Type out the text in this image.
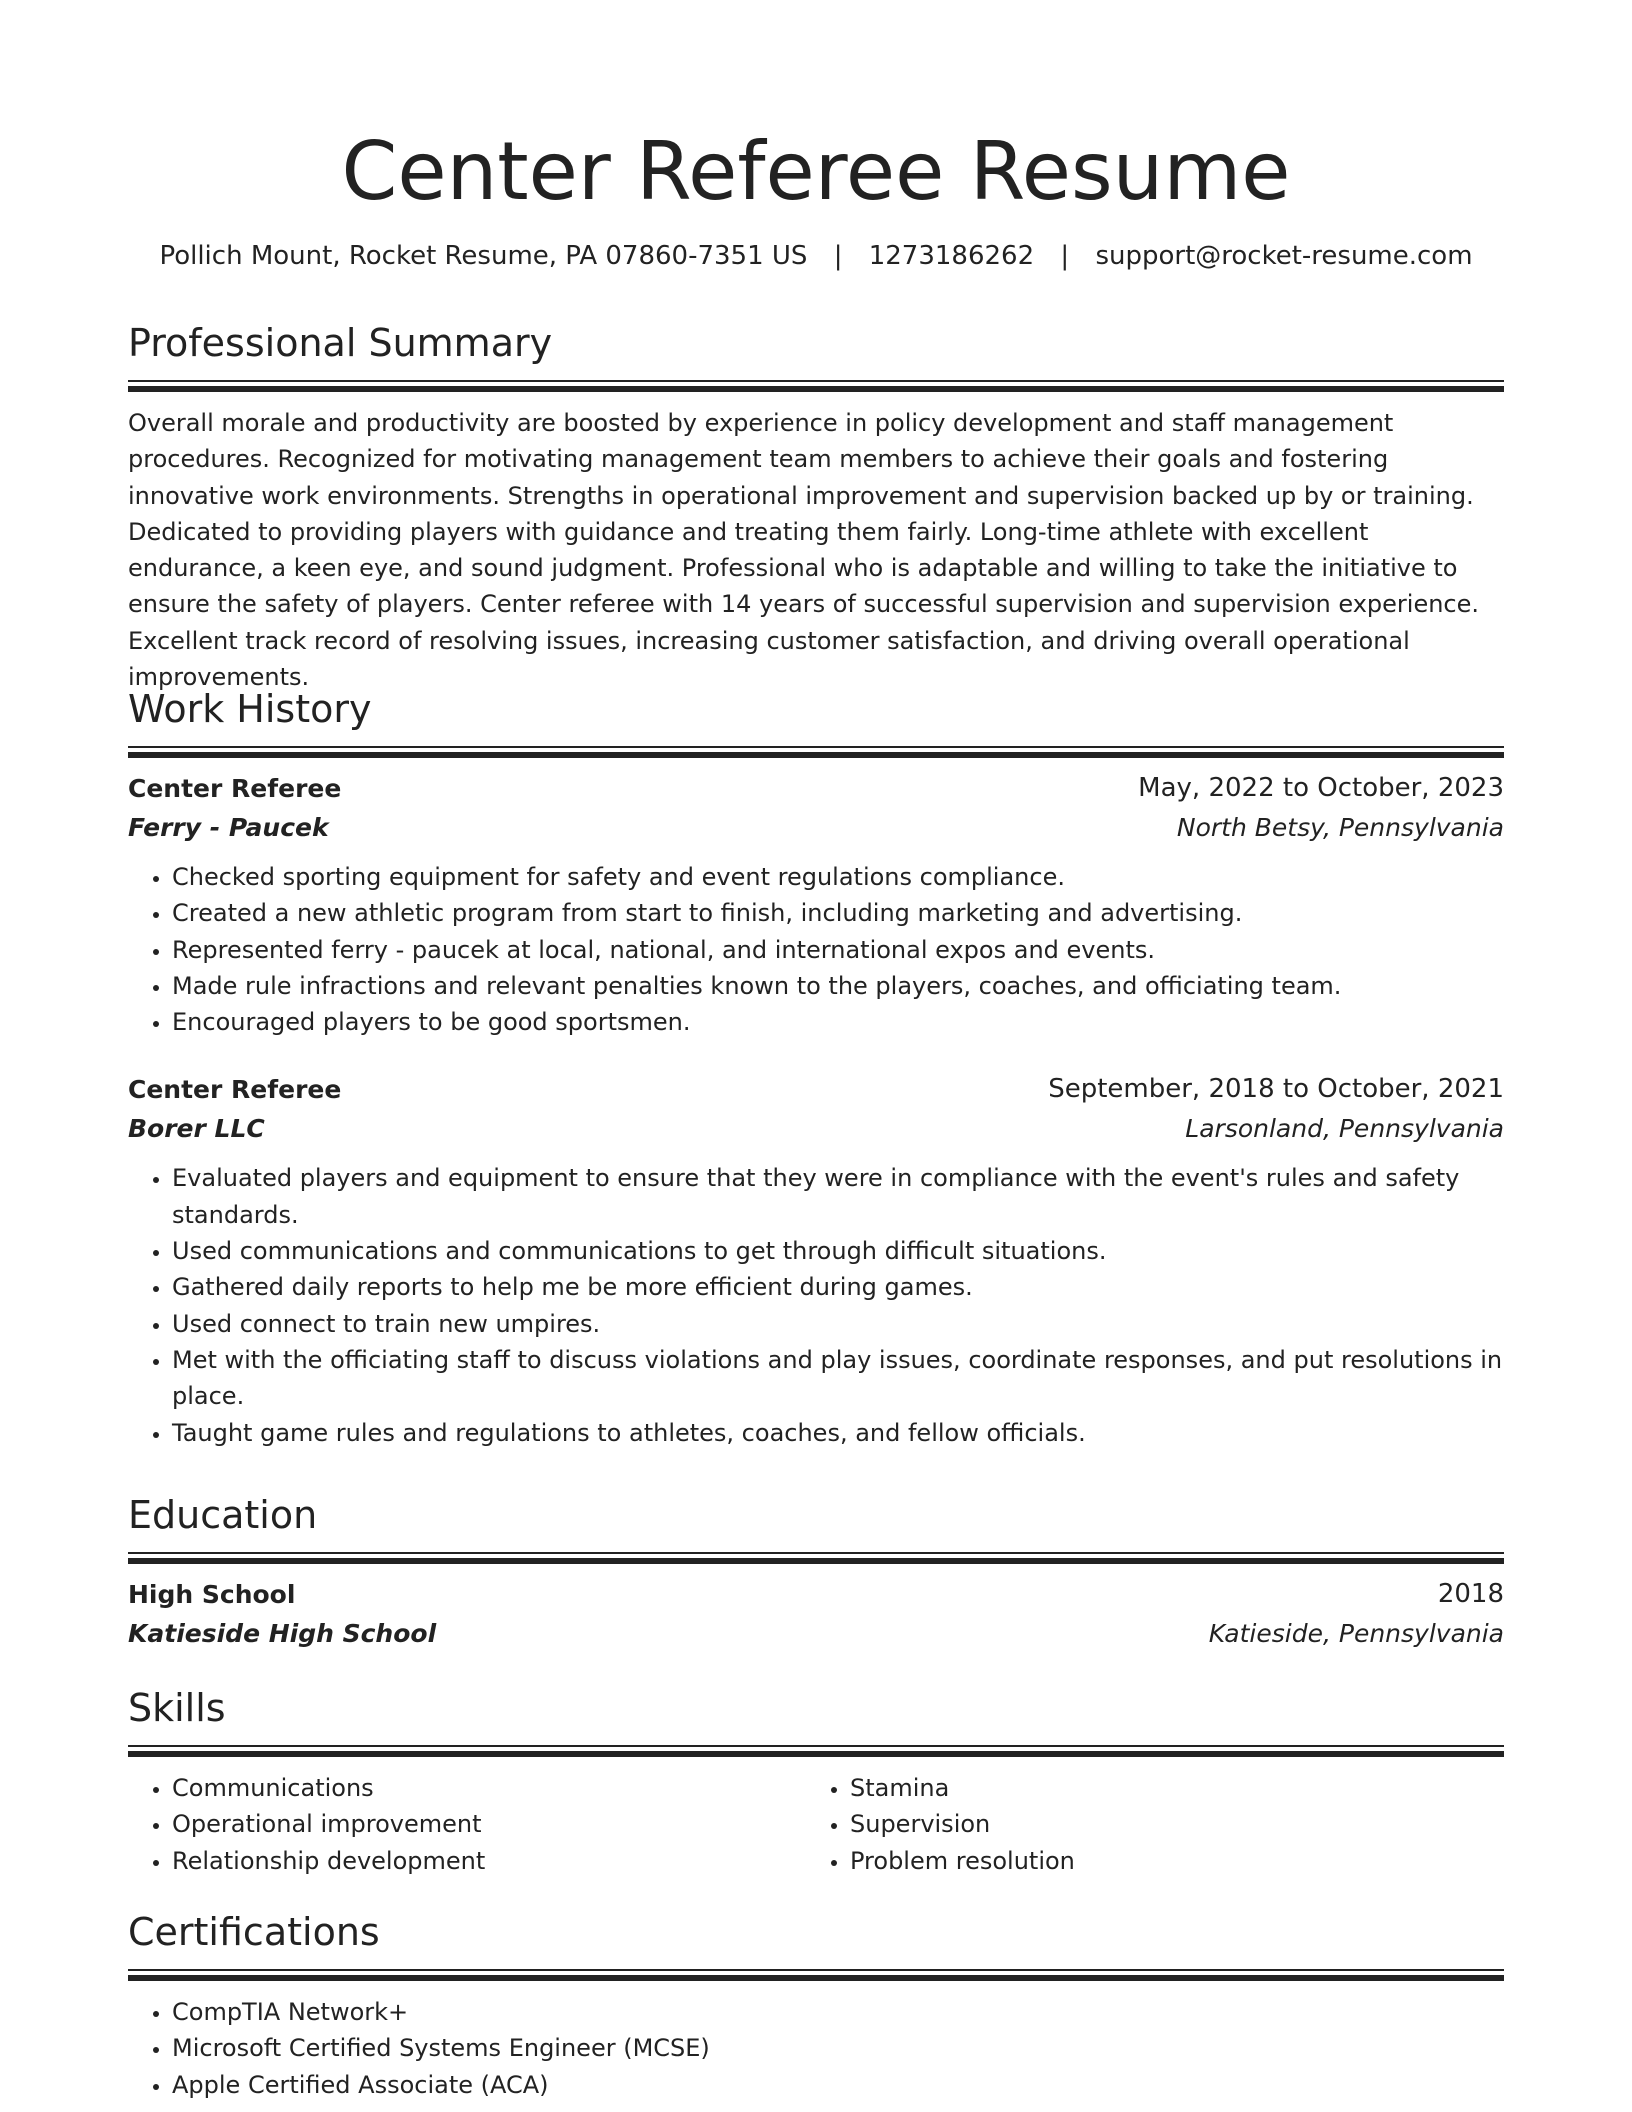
Center Referee Resume
Pollich Mount, Rocket Resume, PA 07860-7351 US | 1273186262 | support@rocket-resume.com
Professional Summary

Overall morale and productivity are boosted by experience in policy development and staff management procedures. Recognized for motivating management team members to achieve their goals and fostering innovative work environments. Strengths in operational improvement and supervision backed up by or training. Dedicated to providing players with guidance and treating them fairly. Long-time athlete with excellent endurance, a keen eye, and sound judgment. Professional who is adaptable and willing to take the initiative to ensure the safety of players. Center referee with 14 years of successful supervision and supervision experience. Excellent track record of resolving issues, increasing customer satisfaction, and driving overall operational improvements.

Work History
Center Referee	May, 2022 to October, 2023
Ferry - Paucek	North Betsy, Pennsylvania
• Checked sporting equipment for safety and event regulations compliance.
• Created a new athletic program from start to finish, including marketing and advertising.
• Represented ferry - paucek at local, national, and international expos and events.
• Made rule infractions and relevant penalties known to the players, coaches, and officiating team.
• Encouraged players to be good sportsmen.
Center Referee	September, 2018 to October, 2021
Borer LLC	Larsonland, Pennsylvania
• Evaluated players and equipment to ensure that they were in compliance with the event's rules and safety standards.
• Used communications and communications to get through difficult situations.
• Gathered daily reports to help me be more efficient during games.
• Used connect to train new umpires.
• Met with the officiating staff to discuss violations and play issues, coordinate responses, and put resolutions in place.
• Taught game rules and regulations to athletes, coaches, and fellow officials.
Education
High School	2018
Katieside High School	Katieside, Pennsylvania
Skills
• Communications
• Operational improvement
• Relationship development
• Stamina
• Supervision
• Problem resolution
Certifications
• CompTIA Network+
• Microsoft Certified Systems Engineer (MCSE)
• Apple Certified Associate (ACA)
